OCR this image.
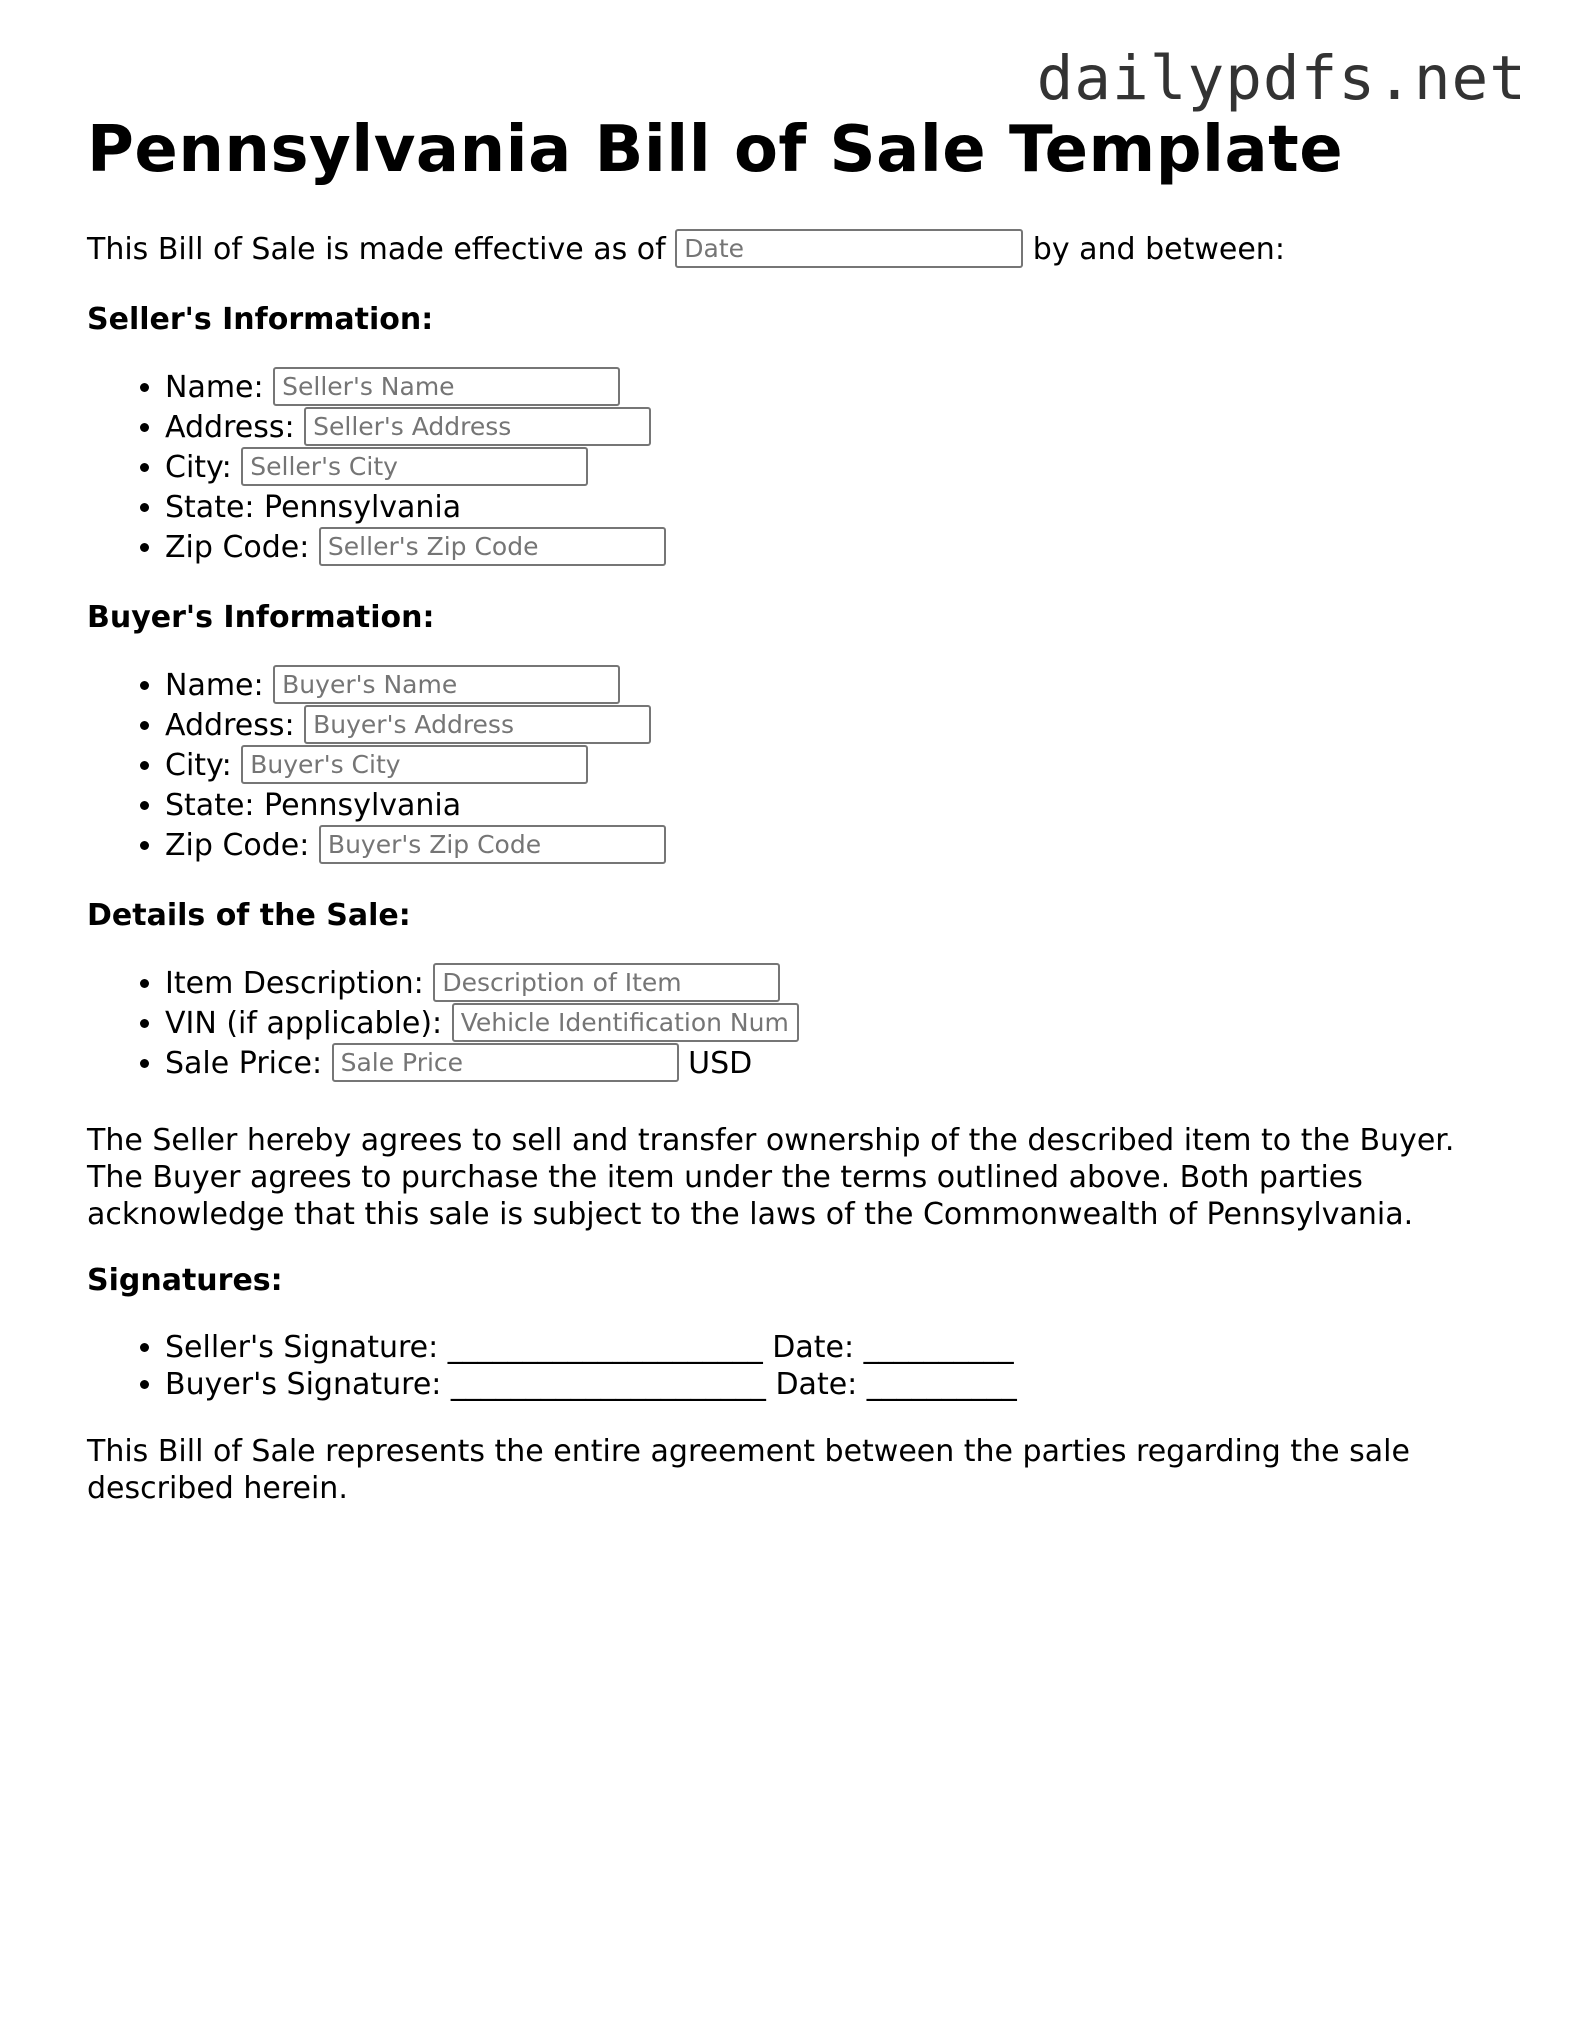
dailypdfs.net
Pennsylvania Bill of Sale Template

This Bill of Sale is made effective as of Date	by and between:

Seller's Information:
• Name: Seller's Name
• Address: Seller's Address
• City: Seller's City
• State: Pennsylvania
• Zip Code: Seller's Zip Code
Buyer's Information:
• Name: Buyer's Name
• Address: Buyer's Address
• City: Buyer's City
• State: Pennsylvania
• Zip Code: Buyer's Zip Code
Details of the Sale:
• Item Description: Description of Item
• VIN (if applicable): Vehicle Identification Num
• Sale Price: Sale Price	USD

The Seller hereby agrees to sell and transfer ownership of the described item to the Buyer. The Buyer agrees to purchase the item under the terms outlined above. Both parties acknowledge that this sale is subject to the laws of the Commonwealth of Pennsylvania.

Signatures:
• Seller's Signature: _____________________ Date: __________
• Buyer's Signature: _____________________ Date: __________

This Bill of Sale represents the entire agreement between the parties regarding the sale described herein.
